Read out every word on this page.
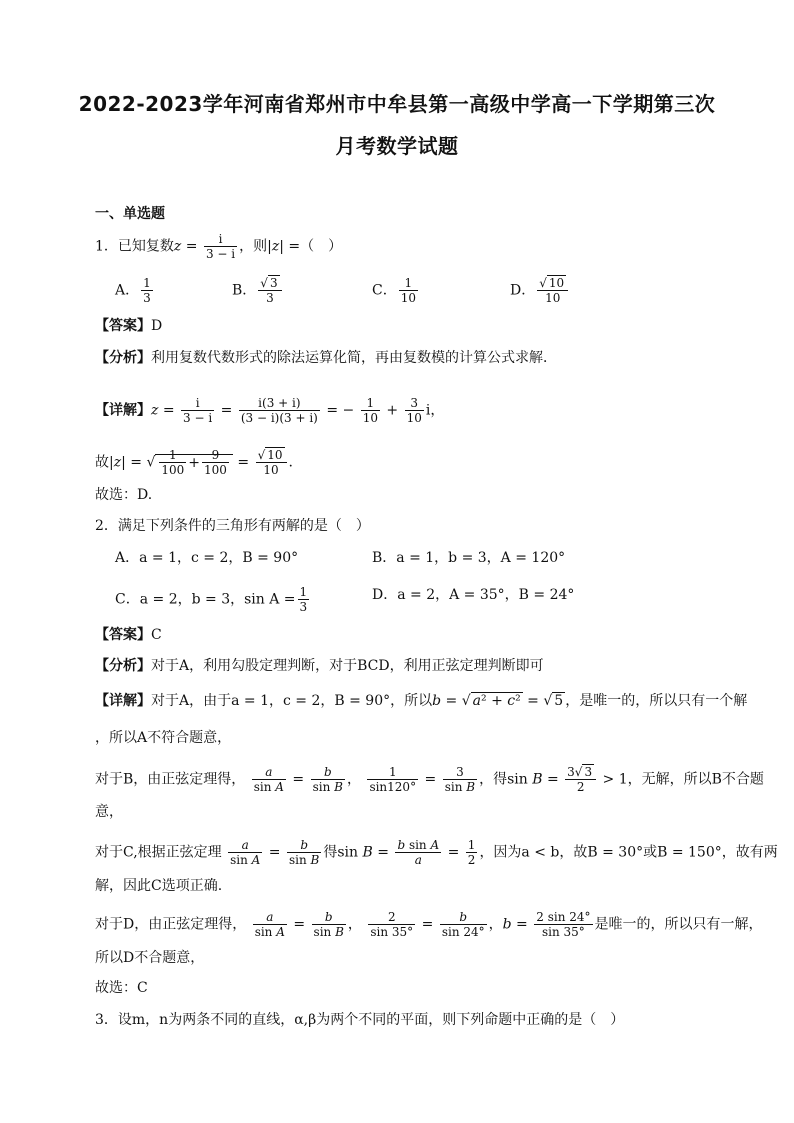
2022-2023学年河南省郑州市中牟县第一高级中学高一下学期第三次
月考数学试题
一、单选题
1．已知复数$z = \frac{i}{3 - i}$ ，则|z| =（　）
A． $\frac{1}{3}$	B． $\frac{√ 3}{3}$	C． $\frac{1}{10}$	D． $\frac{√ 10}{10}$
【答案】D
【分析】利用复数代数形式的除法运算化简，再由复数模的计算公式求解．
【详解】$z = \frac{i}{3 - i} = \frac{i(3 + i)}{(3 - i)(3 + i)}$ = − $\frac{1}{10} + \frac{3}{10}$ i，
故|z| = √ $\frac{1}{100} + \frac{9}{100} = \frac{√ 10}{10}$ .
故选：D.
2．满足下列条件的三角形有两解的是（　）
A．a = 1，c = 2，B = 90°	B．a = 1，b = 3，A = 120°
C．a = 2，b = 3，$\sin A = \frac{1}{3}$	D．a = 2，A = 35°，B = 24°
【答案】C
【分析】对于A，利用勾股定理判断，对于BCD，利用正弦定理判断即可
【详解】对于A，由于a = 1，c = 2，B = 90°，所以b = √ a² + c² = √ 5 ，是唯一的，所以只有一个解
，所以A不符合题意，
对于B，由正弦定理得， $\frac{a}{\text{sin A}} = \frac{b}{\text{sin B}}$ ， $\frac{1}{\sin 120^\circ} = \frac{3}{\text{sin B}}$ ，得$\sin B = \frac{3√ 3}{2} > 1$，无解，所以B不合题
意，
对于C,根据正弦定理 $\frac{a}{\text{sin A}} = \frac{b}{\text{sin B}}$ 得$\sin B = \frac{\text{b sin A}}{a} = \frac{1}{2}$ ，因为a < b，故B = 30°或B = 150°，故有两
解，因此C选项正确.
对于D，由正弦定理得， $\frac{a}{\text{sin A}} = \frac{b}{\text{sin B}}$ ， $\frac{2}{\sin 35^\circ} = \frac{b}{\sin 24^\circ}$ ，$b = \frac{2 \sin 24^\circ}{\sin 35^\circ}$ 是唯一的，所以只有一解，
所以D不合题意，
故选：C
3．设m，n为两条不同的直线，α,β为两个不同的平面，则下列命题中正确的是（　）
